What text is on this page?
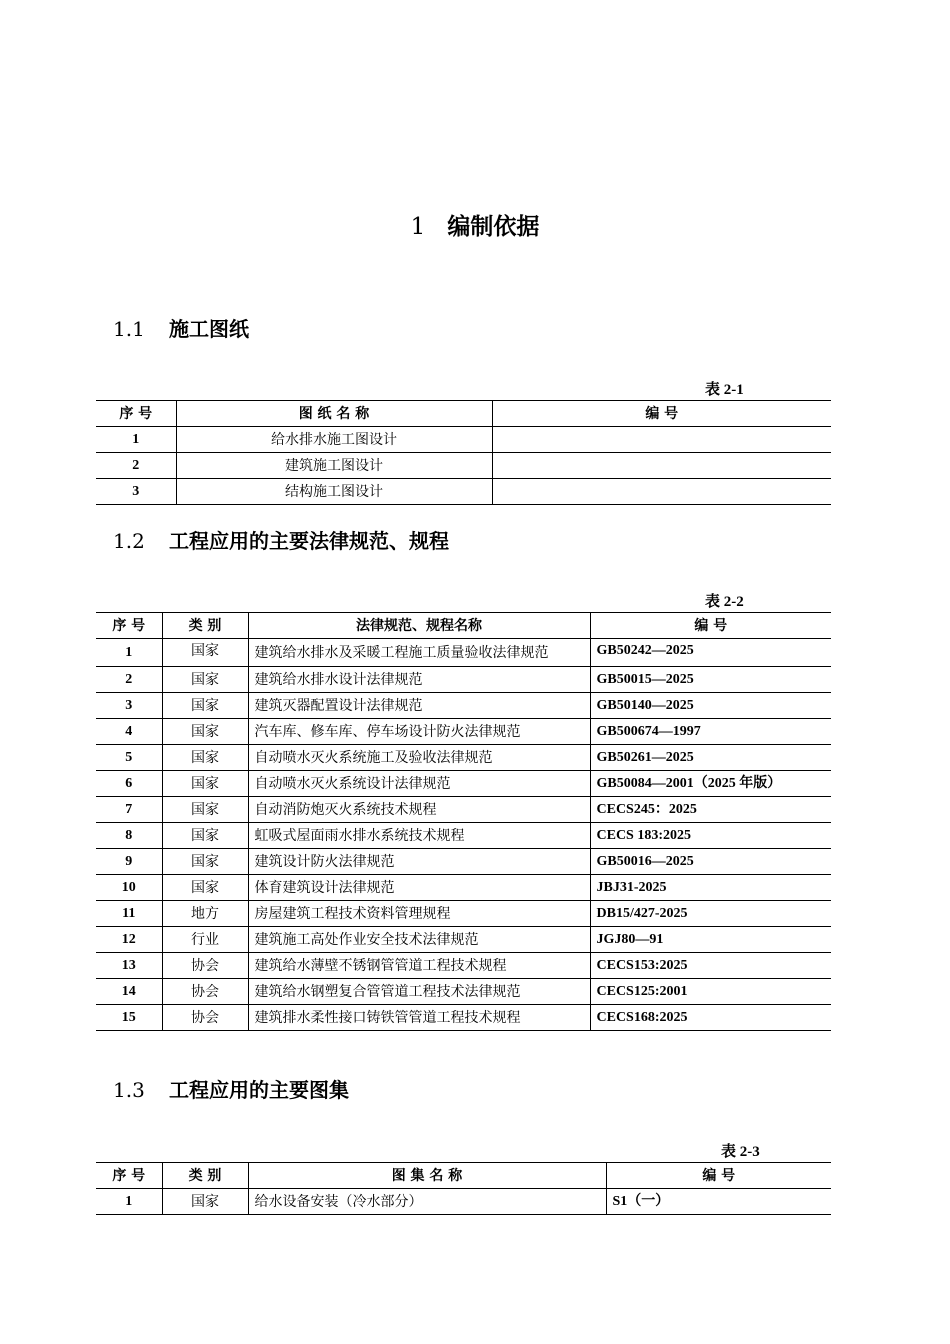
1 编制依据
1.1 施工图纸
表 2-1
序 号	图 纸 名 称	编 号
1	给水排水施工图设计	
2	建筑施工图设计	
3	结构施工图设计	
1.2 工程应用的主要法律规范、规程
表 2-2
序 号	类 别	法律规范、规程名称	编 号
1	国家	建筑给水排水及采暖工程施工质量验收法律规范	GB50242—2025
2	国家	建筑给水排水设计法律规范	GB50015—2025
3	国家	建筑灭器配置设计法律规范	GB50140—2025
4	国家	汽车库、修车库、停车场设计防火法律规范	GB500674—1997
5	国家	自动喷水灭火系统施工及验收法律规范	GB50261—2025
6	国家	自动喷水灭火系统设计法律规范	GB50084—2001（2025 年版）
7	国家	自动消防炮灭火系统技术规程	CECS245：2025
8	国家	虹吸式屋面雨水排水系统技术规程	CECS 183:2025
9	国家	建筑设计防火法律规范	GB50016—2025
10	国家	体育建筑设计法律规范	JBJ31-2025
11	地方	房屋建筑工程技术资料管理规程	DB15/427-2025
12	行业	建筑施工高处作业安全技术法律规范	JGJ80—91
13	协会	建筑给水薄壁不锈钢管管道工程技术规程	CECS153:2025
14	协会	建筑给水钢塑复合管管道工程技术法律规范	CECS125:2001
15	协会	建筑排水柔性接口铸铁管管道工程技术规程	CECS168:2025
1.3 工程应用的主要图集
表 2-3
序 号	类 别	图 集 名 称	编 号
1	国家	给水设备安装（冷水部分）	S1（一）
